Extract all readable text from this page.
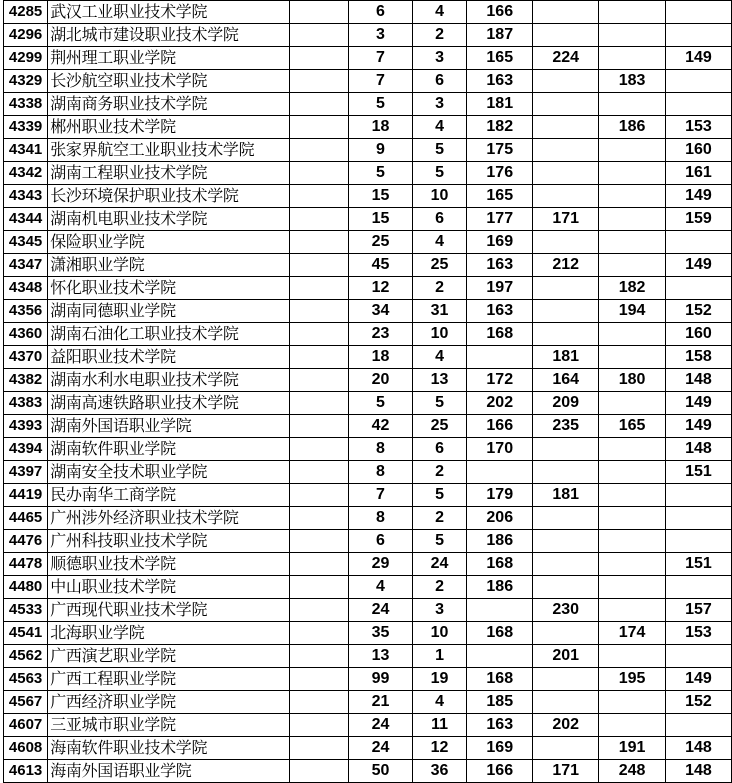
4285	武汉工业职业技术学院		6	4	166			
4296	湖北城市建设职业技术学院		3	2	187			
4299	荆州理工职业学院		7	3	165	224		149
4329	长沙航空职业技术学院		7	6	163		183	
4338	湖南商务职业技术学院		5	3	181			
4339	郴州职业技术学院		18	4	182		186	153
4341	张家界航空工业职业技术学院		9	5	175			160
4342	湖南工程职业技术学院		5	5	176			161
4343	长沙环境保护职业技术学院		15	10	165			149
4344	湖南机电职业技术学院		15	6	177	171		159
4345	保险职业学院		25	4	169			
4347	潇湘职业学院		45	25	163	212		149
4348	怀化职业技术学院		12	2	197		182	
4356	湖南同德职业学院		34	31	163		194	152
4360	湖南石油化工职业技术学院		23	10	168			160
4370	益阳职业技术学院		18	4		181		158
4382	湖南水利水电职业技术学院		20	13	172	164	180	148
4383	湖南高速铁路职业技术学院		5	5	202	209		149
4393	湖南外国语职业学院		42	25	166	235	165	149
4394	湖南软件职业学院		8	6	170			148
4397	湖南安全技术职业学院		8	2				151
4419	民办南华工商学院		7	5	179	181		
4465	广州涉外经济职业技术学院		8	2	206			
4476	广州科技职业技术学院		6	5	186			
4478	顺德职业技术学院		29	24	168			151
4480	中山职业技术学院		4	2	186			
4533	广西现代职业技术学院		24	3		230		157
4541	北海职业学院		35	10	168		174	153
4562	广西演艺职业学院		13	1		201		
4563	广西工程职业学院		99	19	168		195	149
4567	广西经济职业学院		21	4	185			152
4607	三亚城市职业学院		24	11	163	202		
4608	海南软件职业技术学院		24	12	169		191	148
4613	海南外国语职业学院		50	36	166	171	248	148
